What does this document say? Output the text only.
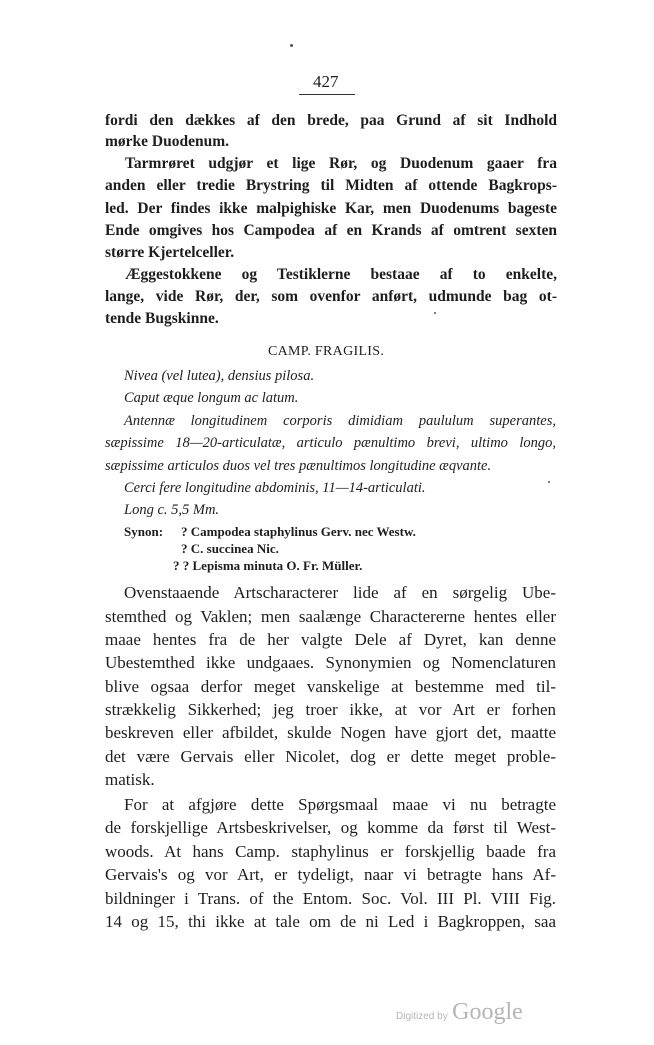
427
fordi den dækkes af den brede, paa Grund af sit Indhold
mørke Duodenum.
Tarmrøret udgjør et lige Rør, og Duodenum gaaer fra
anden eller tredie Brystring til Midten af ottende Bagkrops-
led. Der findes ikke malpighiske Kar, men Duodenums bageste
Ende omgives hos Campodea af en Krands af omtrent sexten
større Kjertelceller.
Æggestokkene og Testiklerne bestaae af to enkelte,
lange, vide Rør, der, som ovenfor anført, udmunde bag ot-
tende Bugskinne.
CAMP. FRAGILIS.
Nivea (vel lutea), densius pilosa.
Caput æque longum ac latum.
Antennæ longitudinem corporis dimidiam paululum superantes,
sæpissime 18—20-articulatæ, articulo pænultimo brevi, ultimo longo,
sæpissime articulos duos vel tres pænultimos longitudine æqvante.
Cerci fere longitudine abdominis, 11—14-articulati.
Long c. 5,5 Mm.
Synon: ? Campodea staphylinus Gerv. nec Westw.
? C. succinea Nic.
? ? Lepisma minuta O. Fr. Müller.
Ovenstaaende Artscharacterer lide af en sørgelig Ube-
stemthed og Vaklen; men saalænge Charactererne hentes eller
maae hentes fra de her valgte Dele af Dyret, kan denne
Ubestemthed ikke undgaaes. Synonymien og Nomenclaturen
blive ogsaa derfor meget vanskelige at bestemme med til-
strækkelig Sikkerhed; jeg troer ikke, at vor Art er forhen
beskreven eller afbildet, skulde Nogen have gjort det, maatte
det være Gervais eller Nicolet, dog er dette meget proble-
matisk.
For at afgjøre dette Spørgsmaal maae vi nu betragte
de forskjellige Artsbeskrivelser, og komme da først til West-
woods. At hans Camp. staphylinus er forskjellig baade fra
Gervais's og vor Art, er tydeligt, naar vi betragte hans Af-
bildninger i Trans. of the Entom. Soc. Vol. III Pl. VIII Fig.
14 og 15, thi ikke at tale om de ni Led i Bagkroppen, saa
Digitized by Google
